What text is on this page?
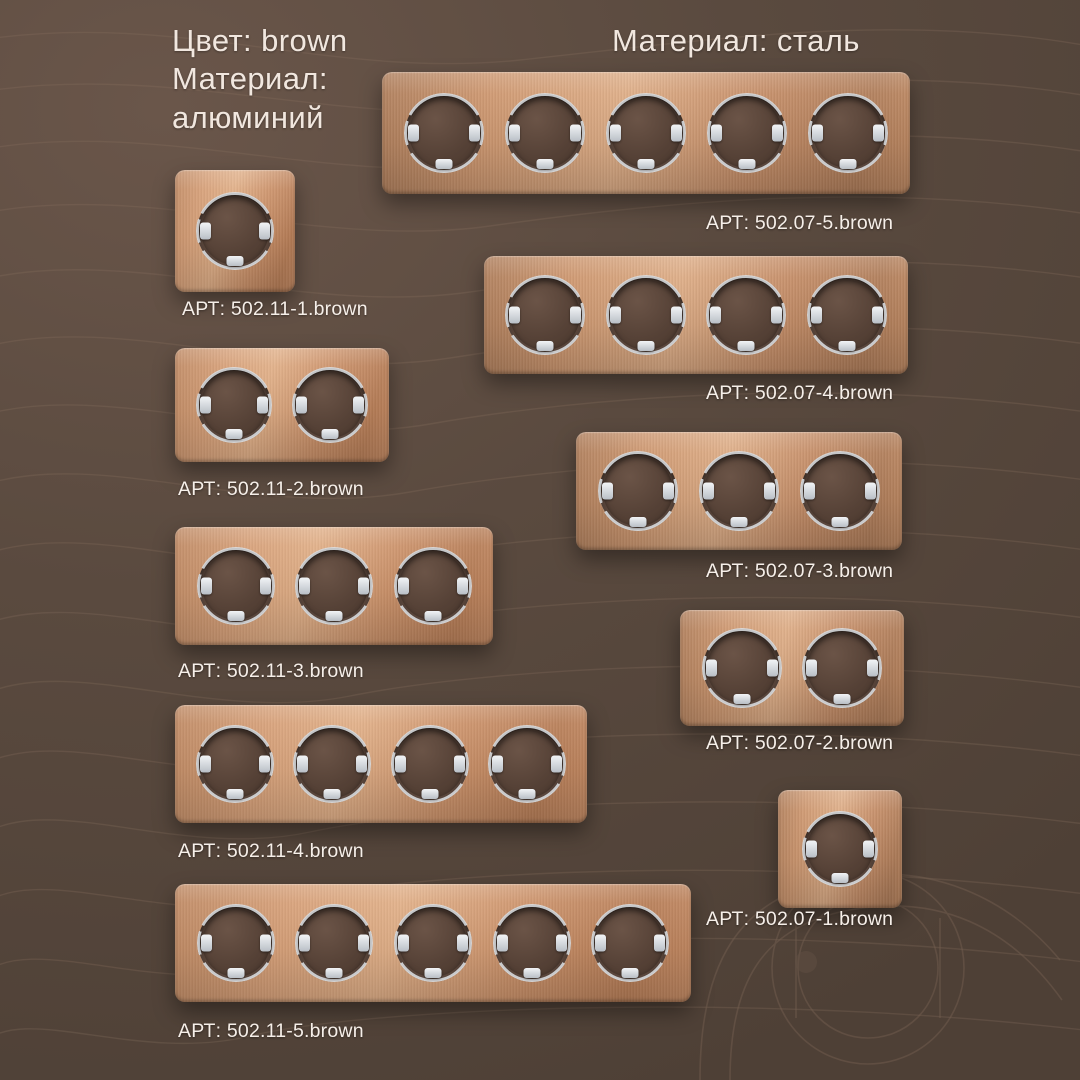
Цвет: brown
Материал:
алюминий
Материал: сталь
АРТ: 502.11-1.brown
АРТ: 502.11-2.brown
АРТ: 502.11-3.brown
АРТ: 502.11-4.brown
АРТ: 502.11-5.brown
АРТ: 502.07-5.brown
АРТ: 502.07-4.brown
АРТ: 502.07-3.brown
АРТ: 502.07-2.brown
АРТ: 502.07-1.brown
